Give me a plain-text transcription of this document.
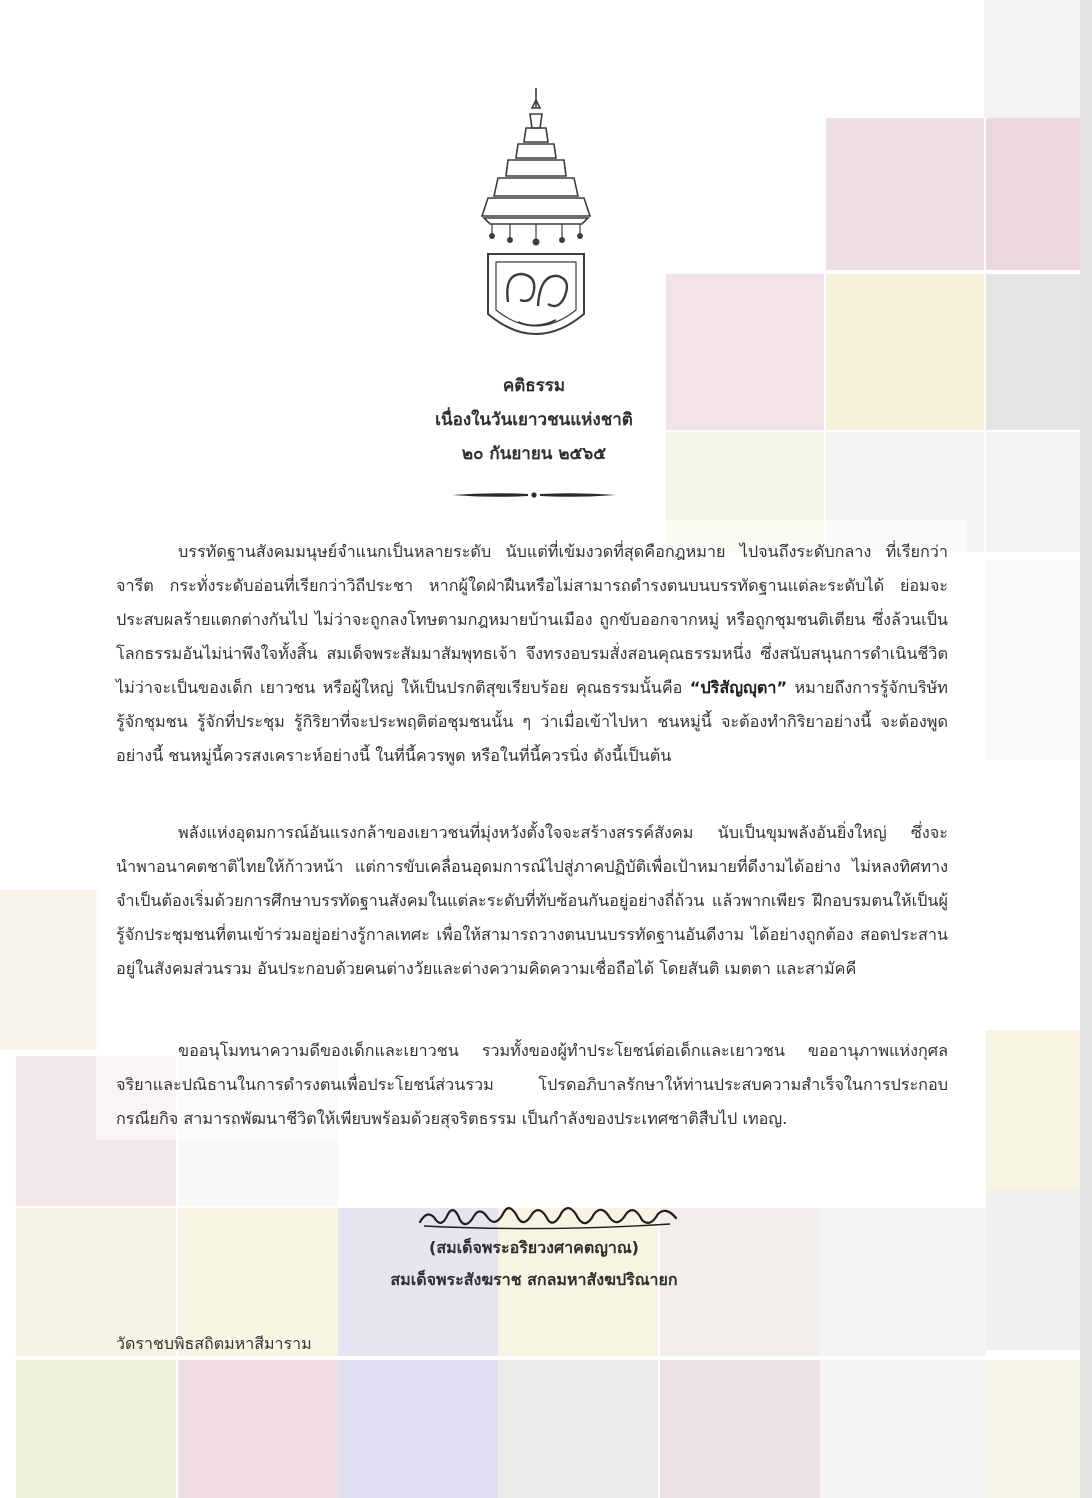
คติธรรม
เนื่องในวันเยาวชนแห่งชาติ
๒๐ กันยายน ๒๕๖๕

บรรทัดฐานสังคมมนุษย์จำแนกเป็นหลายระดับ นับแต่ที่เข้มงวดที่สุดคือกฎหมาย ไปจนถึงระดับกลาง ที่เรียกว่าจารีต กระทั่งระดับอ่อนที่เรียกว่าวิถีประชา หากผู้ใดฝ่าฝืนหรือไม่สามารถดำรงตนบนบรรทัดฐานแต่ละระดับได้ ย่อมจะประสบผลร้ายแตกต่างกันไป ไม่ว่าจะถูกลงโทษตามกฎหมายบ้านเมือง ถูกขับออกจากหมู่ หรือถูกชุมชนติเตียน ซึ่งล้วนเป็นโลกธรรมอันไม่น่าพึงใจทั้งสิ้น สมเด็จพระสัมมาสัมพุทธเจ้า จึงทรงอบรมสั่งสอนคุณธรรมหนึ่ง ซึ่งสนับสนุนการดำเนินชีวิต ไม่ว่าจะเป็นของเด็ก เยาวชน หรือผู้ใหญ่ ให้เป็นปรกติสุขเรียบร้อย คุณธรรมนั้นคือ “ปริสัญญุตา” หมายถึงการรู้จักบริษัท รู้จักชุมชน รู้จักที่ประชุม รู้กิริยาที่จะประพฤติต่อชุมชนนั้น ๆ ว่าเมื่อเข้าไปหา ชนหมู่นี้ จะต้องทำกิริยาอย่างนี้ จะต้องพูดอย่างนี้ ชนหมู่นี้ควรสงเคราะห์อย่างนี้ ในที่นี้ควรพูด หรือในที่นี้ควรนิ่ง ดังนี้เป็นต้น

พลังแห่งอุดมการณ์อันแรงกล้าของเยาวชนที่มุ่งหวังตั้งใจจะสร้างสรรค์สังคม นับเป็นขุมพลังอันยิ่งใหญ่ ซึ่งจะนำพาอนาคตชาติไทยให้ก้าวหน้า แต่การขับเคลื่อนอุดมการณ์ไปสู่ภาคปฏิบัติเพื่อเป้าหมายที่ดีงามได้อย่าง ไม่หลงทิศทาง จำเป็นต้องเริ่มด้วยการศึกษาบรรทัดฐานสังคมในแต่ละระดับที่ทับซ้อนกันอยู่อย่างถี่ถ้วน แล้วพากเพียร ฝึกอบรมตนให้เป็นผู้รู้จักประชุมชนที่ตนเข้าร่วมอยู่อย่างรู้กาลเทศะ เพื่อให้สามารถวางตนบนบรรทัดฐานอันดีงาม ได้อย่างถูกต้อง สอดประสานอยู่ในสังคมส่วนรวม อันประกอบด้วยคนต่างวัยและต่างความคิดความเชื่อถือได้ โดยสันติ เมตตา และสามัคคี

ขออนุโมทนาความดีของเด็กและเยาวชน รวมทั้งของผู้ทำประโยชน์ต่อเด็กและเยาวชน ขออานุภาพแห่งกุศล จริยาและปณิธานในการดำรงตนเพื่อประโยชน์ส่วนรวม โปรดอภิบาลรักษาให้ท่านประสบความสำเร็จในการประกอบ กรณียกิจ สามารถพัฒนาชีวิตให้เพียบพร้อมด้วยสุจริตธรรม เป็นกำลังของประเทศชาติสืบไป เทอญ.

(สมเด็จพระอริยวงศาคตญาณ)
สมเด็จพระสังฆราช สกลมหาสังฆปริณายก
วัดราชบพิธสถิตมหาสีมาราม
